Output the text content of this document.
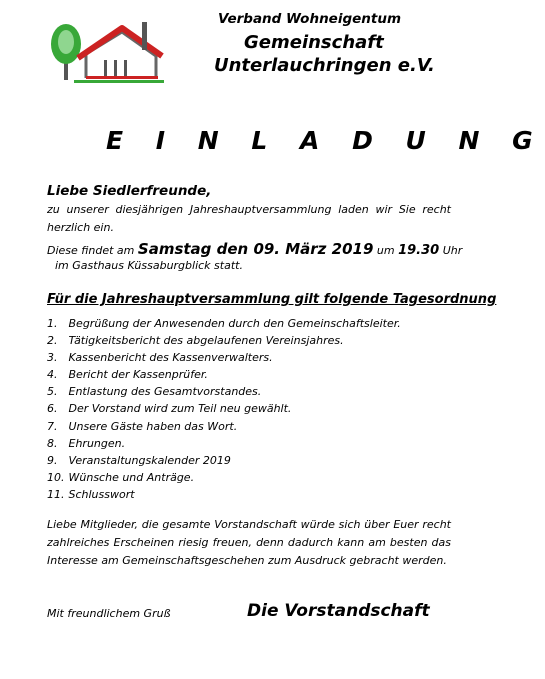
Verband Wohneigentum
Gemeinschaft
Unterlauchringen e.V.
E I N L A D U N G
Liebe Siedlerfreunde,
zu unserer diesjährigen Jahreshauptversammlung laden wir Sie recht herzlich ein.
Diese findet am Samstag den 09. März 2019 um 19.30 Uhr
im Gasthaus Küssaburgblick statt.
Für die Jahreshauptversammlung gilt folgende Tagesordnung
1. Begrüßung der Anwesenden durch den Gemeinschaftsleiter.
2. Tätigkeitsbericht des abgelaufenen Vereinsjahres.
3. Kassenbericht des Kassenverwalters.
4. Bericht der Kassenprüfer.
5. Entlastung des Gesamtvorstandes.
6. Der Vorstand wird zum Teil neu gewählt.
7. Unsere Gäste haben das Wort.
8. Ehrungen.
9. Veranstaltungskalender 2019
10. Wünsche und Anträge.
11. Schlusswort
Liebe Mitglieder, die gesamte Vorstandschaft würde sich über Euer recht zahlreiches Erscheinen riesig freuen, denn dadurch kann am besten das Interesse am Gemeinschaftsgeschehen zum Ausdruck gebracht werden.
Mit freundlichem Gruß	Die Vorstandschaft
